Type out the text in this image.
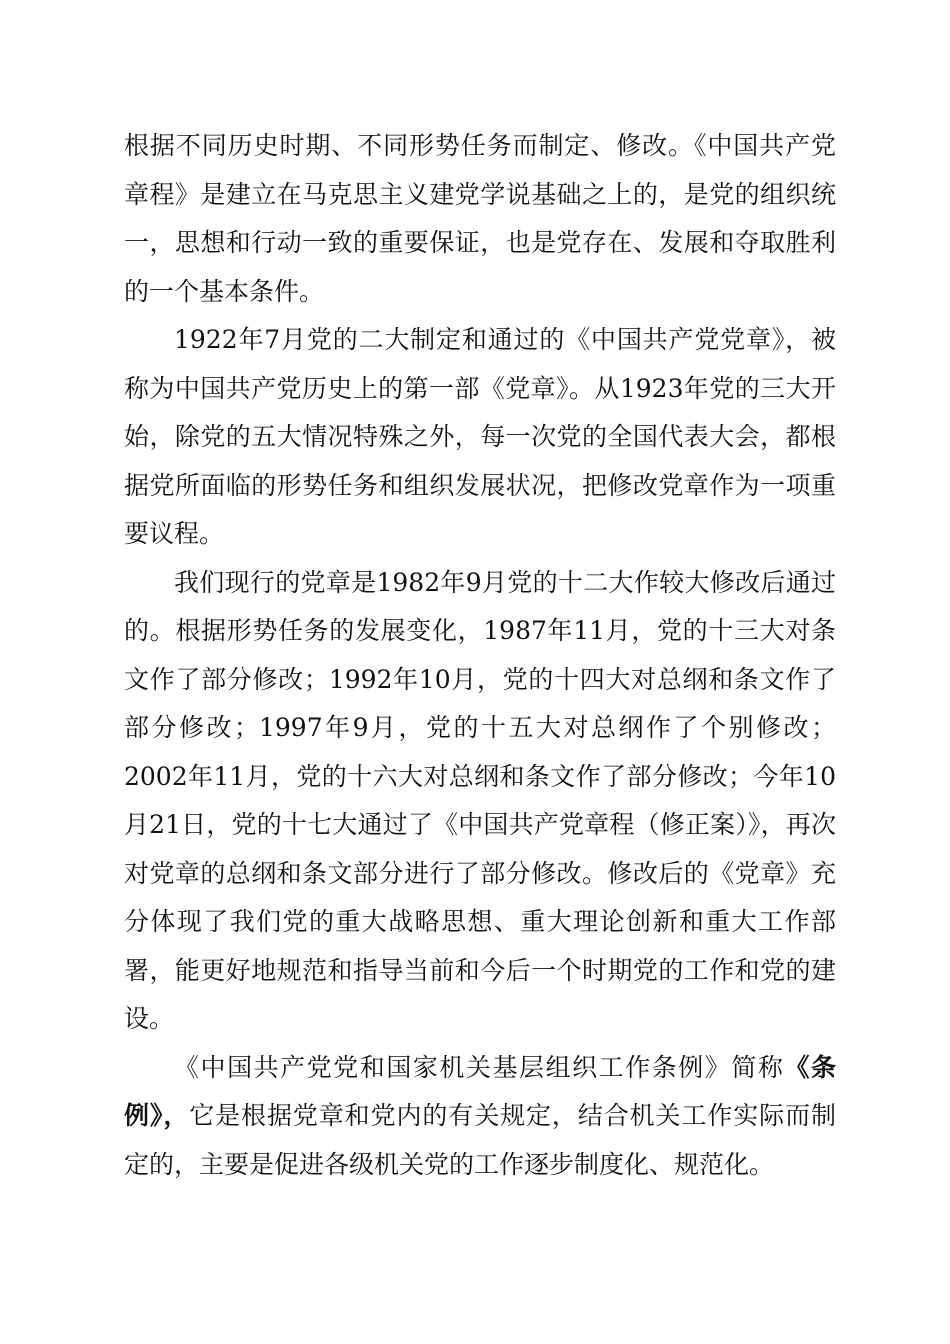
根据不同历史时期、不同形势任务而制定、修改。《中国共产党章程》是建立在马克思主义建党学说基础之上的，是党的组织统一，思想和行动一致的重要保证，也是党存在、发展和夺取胜利的一个基本条件。

1922年7月党的二大制定和通过的《中国共产党党章》，被称为中国共产党历史上的第一部《党章》。从1923年党的三大开始，除党的五大情况特殊之外，每一次党的全国代表大会，都根据党所面临的形势任务和组织发展状况，把修改党章作为一项重要议程。

我们现行的党章是1982年9月党的十二大作较大修改后通过的。根据形势任务的发展变化，1987年11月，党的十三大对条文作了部分修改；1992年10月，党的十四大对总纲和条文作了部分修改；1997年9月，党的十五大对总纲作了个别修改；2002年11月，党的十六大对总纲和条文作了部分修改；今年10月21日，党的十七大通过了《中国共产党章程（修正案）》，再次对党章的总纲和条文部分进行了部分修改。修改后的《党章》充分体现了我们党的重大战略思想、重大理论创新和重大工作部署，能更好地规范和指导当前和今后一个时期党的工作和党的建设。

《中国共产党党和国家机关基层组织工作条例》简称《条例》，它是根据党章和党内的有关规定，结合机关工作实际而制定的，主要是促进各级机关党的工作逐步制度化、规范化。
